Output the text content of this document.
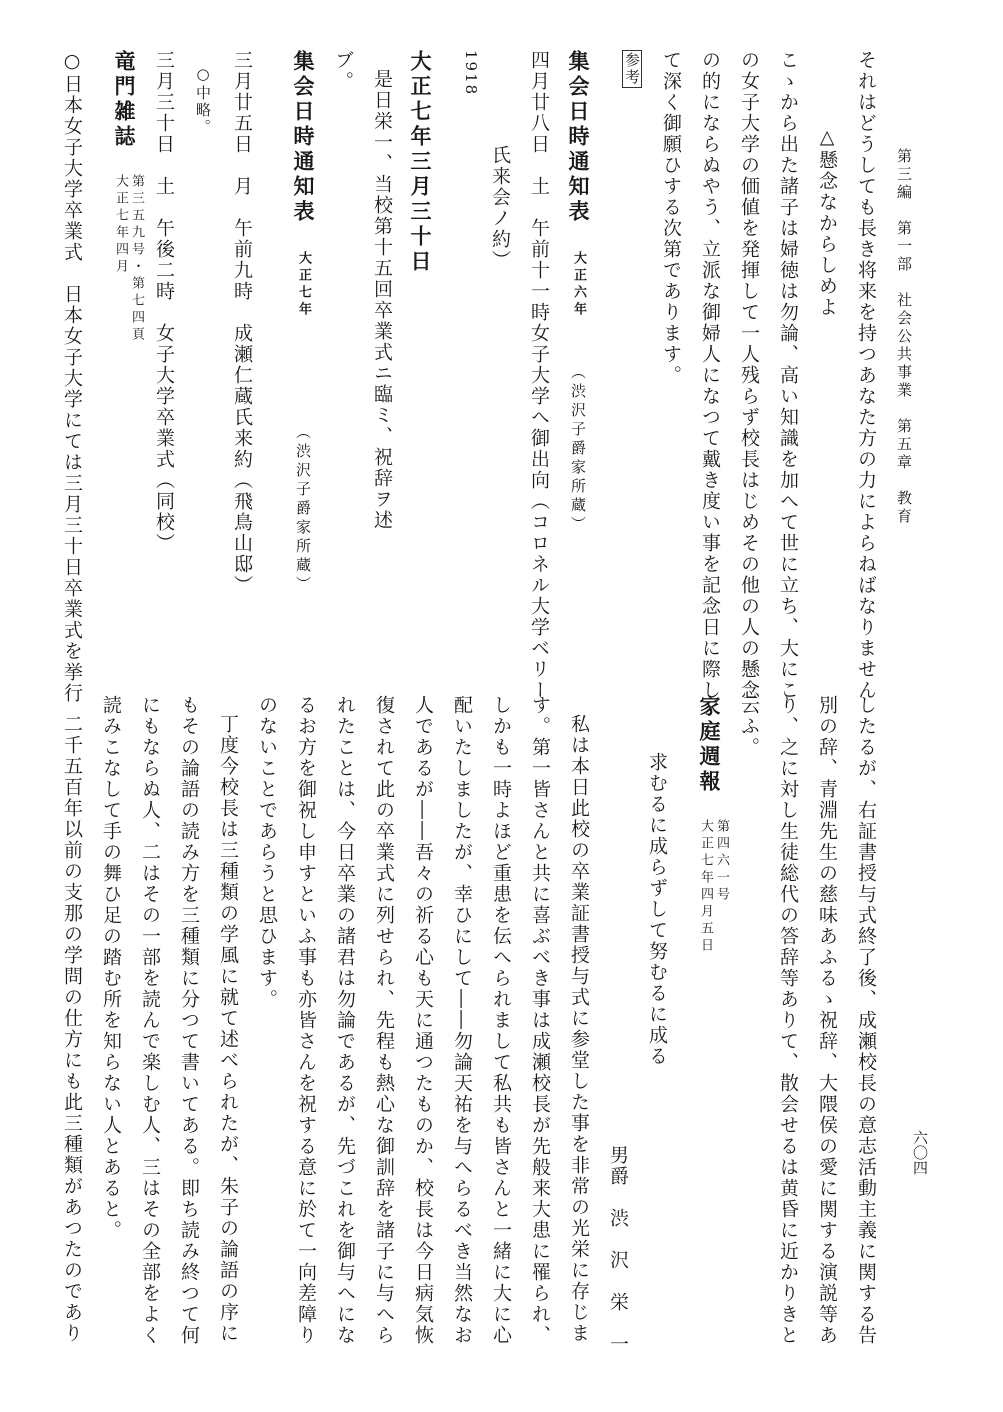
第三編　第一部　社会公共事業　第五章　教育
六〇四
それはどうしても長き将来を持つあなた方の力によらねばなりません
△懸念なからしめよ
こゝから出た諸子は婦徳は勿論、高い知識を加へて世に立ち、大にこ
の女子大学の価値を発揮して一人残らず校長はじめその他の人の懸念
の的にならぬやう、立派な御婦人になつて戴き度い事を記念日に際し
て深く御願ひする次第であります。
参考
集会日時通知表大正六年（渋沢子爵家所蔵）
四月廿八日　土　午前十一時女子大学へ御出向（コロネル大学ベリー
氏来会ノ約）
1918
大正七年三月三十日
是日栄一、当校第十五回卒業式ニ臨ミ、祝辞ヲ述
ブ。
集会日時通知表大正七年（渋沢子爵家所蔵）
三月廿五日　月　午前九時　成瀬仁蔵氏来約（飛鳥山邸）
○中略。
三月三十日　土　午後二時　女子大学卒業式（同校）
竜門雑誌 第三五九号・第七四頁
大正七年四月
○日本女子大学卒業式　日本女子大学にては三月三十日卒業式を挙行
したるが、右証書授与式終了後、成瀬校長の意志活動主義に関する告
別の辞、青淵先生の慈味あふるゝ祝辞、大隈侯の愛に関する演説等あ
り、之に対し生徒総代の答辞等ありて、散会せるは黄昏に近かりきと
云ふ。
家庭週報 第四六一号
大正七年四月五日
求むるに成らずして努むるに成る
男爵　渋　沢　栄　一
私は本日此校の卒業証書授与式に参堂した事を非常の光栄に存じま
す。第一皆さんと共に喜ぶべき事は成瀬校長が先般来大患に罹られ、
しかも一時よほど重患を伝へられまして私共も皆さんと一緒に大に心
配いたしましたが、幸ひにして――勿論天祐を与へらるべき当然なお
人であるが――吾々の祈る心も天に通つたものか、校長は今日病気恢
復されて此の卒業式に列せられ、先程も熱心な御訓辞を諸子に与へら
れたことは、今日卒業の諸君は勿論であるが、先づこれを御与へにな
るお方を御祝し申すといふ事も亦皆さんを祝する意に於て一向差障り
のないことであらうと思ひます。
丁度今校長は三種類の学風に就て述べられたが、朱子の論語の序に
もその論語の読み方を三種類に分つて書いてある。即ち読み終つて何
にもならぬ人、二はその一部を読んで楽しむ人、三はその全部をよく
読みこなして手の舞ひ足の踏む所を知らない人とあると。
二千五百年以前の支那の学問の仕方にも此三種類があつたのであり
